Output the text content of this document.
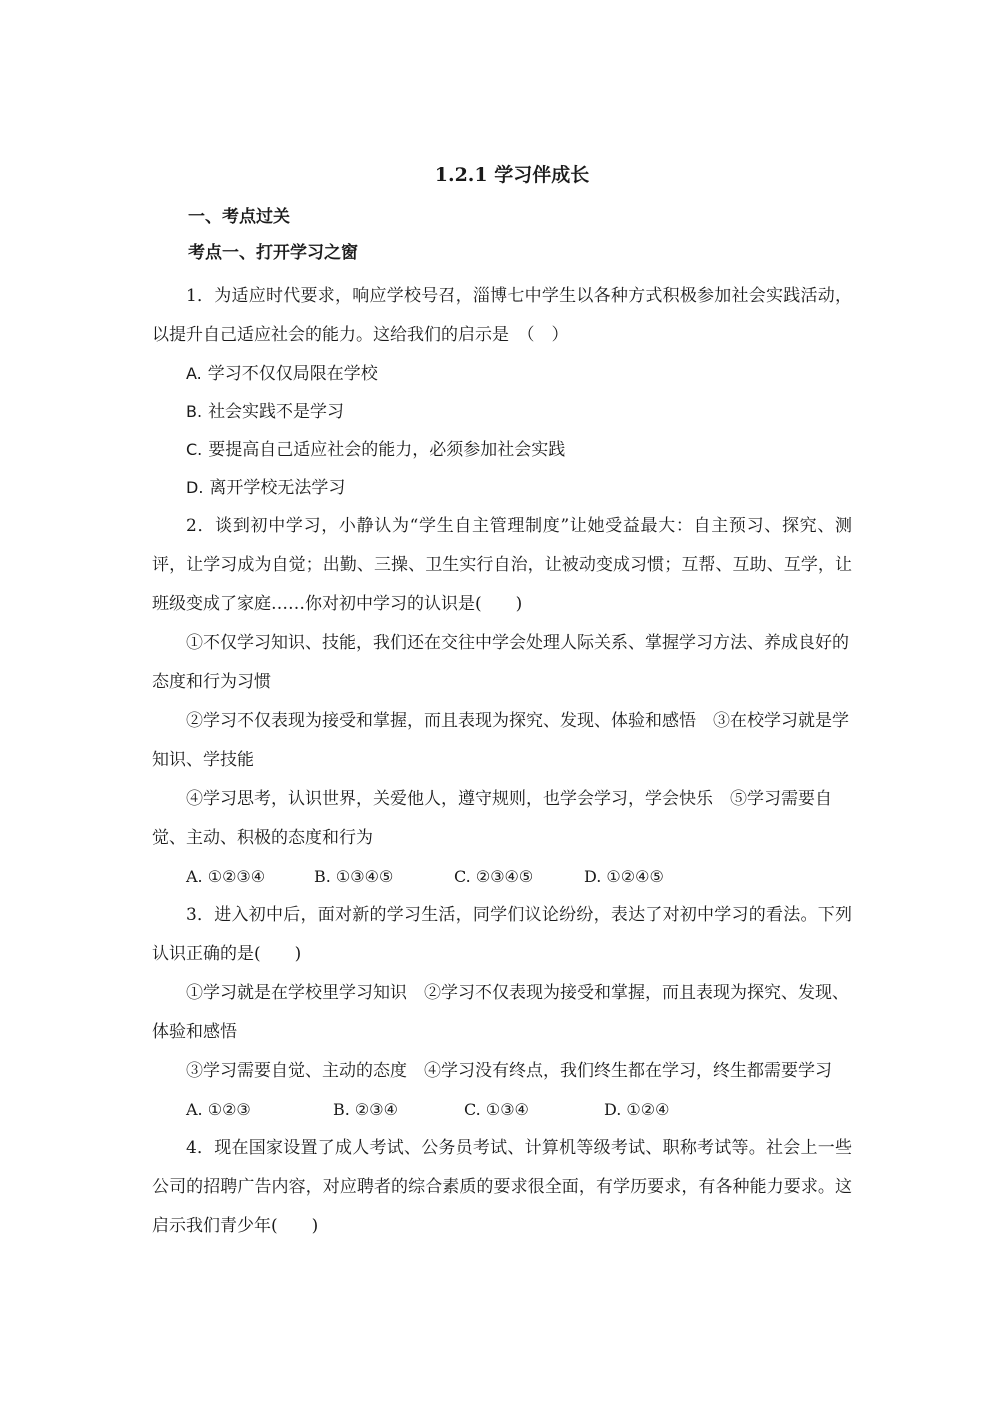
1.2.1 学习伴成长
一、考点过关
考点一、打开学习之窗

1．为适应时代要求，响应学校号召，淄博七中学生以各种方式积极参加社会实践活动，以提升自己适应社会的能力。这给我们的启示是　（　）

A. 学习不仅仅局限在学校
B. 社会实践不是学习
C. 要提高自己适应社会的能力，必须参加社会实践
D. 离开学校无法学习

2．谈到初中学习，小静认为“学生自主管理制度”让她受益最大：自主预习、探究、测评，让学习成为自觉；出勤、三操、卫生实行自治，让被动变成习惯；互帮、互助、互学，让班级变成了家庭……你对初中学习的认识是(　　)

①不仅学习知识、技能，我们还在交往中学会处理人际关系、掌握学习方法、养成良好的态度和行为习惯

②学习不仅表现为接受和掌握，而且表现为探究、发现、体验和感悟　③在校学习就是学知识、学技能

④学习思考，认识世界，关爱他人，遵守规则，也学会学习，学会快乐　⑤学习需要自觉、主动、积极的态度和行为

A. ①②③④	B. ①③④⑤	C. ②③④⑤	D. ①②④⑤

3．进入初中后，面对新的学习生活，同学们议论纷纷，表达了对初中学习的看法。下列认识正确的是(　　)

①学习就是在学校里学习知识　②学习不仅表现为接受和掌握，而且表现为探究、发现、体验和感悟

③学习需要自觉、主动的态度　④学习没有终点，我们终生都在学习，终生都需要学习

A. ①②③	B. ②③④	C. ①③④	D. ①②④

4．现在国家设置了成人考试、公务员考试、计算机等级考试、职称考试等。社会上一些公司的招聘广告内容，对应聘者的综合素质的要求很全面，有学历要求，有各种能力要求。这启示我们青少年(　　)
